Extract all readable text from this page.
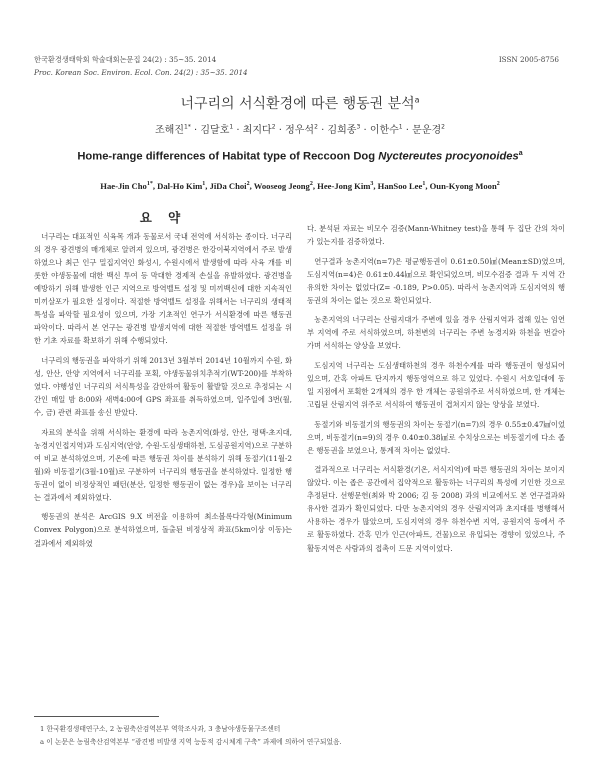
한국환경생태학회 학술대회논문집 24(2) : 35~35. 2014
Proc. Korean Soc. Environ. Ecol. Con. 24(2) : 35~35. 2014
ISSN 2005-8756
너구리의 서식환경에 따른 행동권 분석$^a$
조해진$^{1*}$ · 김달호$^1$ · 최지다$^2$ · 정우석$^2$ · 김희종$^3$ · 이한수$^1$ · 문운경$^2$
Home-range differences of Habitat type of Reccoon Dog Nyctereutes procyonoides$^a$
Hae-Jin Cho$^{1*}$, Dal-Ho Kim$^1$, JiDa Choi$^2$, Wooseog Jeong$^2$, Hee-Jong Kim$^3$, HanSoo Lee$^1$, Oun-Kyong Moon$^2$
요 약

너구리는 대표적인 식육목 개과 동물로서 국내 전역에 서식하는 종이다. 너구리의 경우 광견병의 매개체로 알려져 있으며, 광견병은 한강이북지역에서 주로 발생하였으나 최근 인구 밀집지역인 화성시, 수원시에서 발생함에 따라 사육 개를 비롯한 야생동물에 대한 백신 투여 등 막대한 경제적 손실을 유발하였다. 광견병을 예방하기 위해 발생한 인근 지역으로 방역벨트 설정 및 미끼백신에 대한 지속적인 미끼살포가 필요한 실정이다. 적절한 방역벨트 설정을 위해서는 너구리의 생태적 특성을 파악할 필요성이 있으며, 가장 기초적인 연구가 서식환경에 따른 행동권 파악이다. 따라서 본 연구는 광견병 발생지역에 대한 적절한 방역벨트 설정을 위한 기초 자료를 확보하기 위해 수행되었다.

너구리의 행동권을 파악하기 위해 2013년 3월부터 2014년 10월까지 수원, 화성, 안산, 안양 지역에서 너구리를 포획, 야생동물위치추적기(WT-200)를 부착하였다. 야행성인 너구리의 서식특성을 감안하여 활동이 활발할 것으로 추정되는 시간인 매일 밤 8:00와 새벽4:00에 GPS 좌표를 취득하였으며, 일주일에 3번(월, 수, 금) 관련 좌표를 송신 받았다.

자료의 분석을 위해 서식하는 환경에 따라 농촌지역(화성, 안산, 평택-초지대, 농경지인접지역)과 도심지역(안양, 수원-도심생태하천, 도심공원지역)으로 구분하여 비교 분석하였으며, 기온에 따른 행동권 차이를 분석하기 위해 동절기(11월-2월)와 비동절기(3월-10월)로 구분하여 너구리의 행동권을 분석하였다. 일정한 행동권이 없이 비정상적인 패턴(분산, 일정한 행동권이 없는 경우)을 보이는 너구리는 결과에서 제외하였다.

행동권의 분석은 ArcGIS 9.X 버전을 이용하여 최소볼록다각형(Minimum Convex Polygon)으로 분석하였으며, 돌출된 비정상적 좌표(5km이상 이동)는 결과에서 제외하였

다. 분석된 자료는 비모수 검증(Mann-Whitney test)을 통해 두 집단 간의 차이가 있는지를 검증하였다.

연구결과 농촌지역(n=7)은 평균행동권이 0.61±0.50㎢(Mean±SD)였으며, 도심지역(n=4)은 0.61±0.44㎢으로 확인되었으며, 비모수검증 결과 두 지역 간 유의한 차이는 없었다(Z= -0.189, P>0.05). 따라서 농촌지역과 도심지역의 행동권의 차이는 없는 것으로 확인되었다.

농촌지역의 너구리는 산림지대가 주변에 있을 경우 산림지역과 접해 있는 임연부 지역에 주로 서식하였으며, 하천변의 너구리는 주변 농경지와 하천을 번갈아 가며 서식하는 양상을 보였다.

도심지역 너구리는 도심생태하천의 경우 하천수계를 따라 행동권이 형성되어 있으며, 간혹 아파트 단지까지 행동영역으로 하고 있었다. 수원시 서호일대에 동일 지점에서 포획한 2개체의 경우 한 개체는 공원위주로 서식하였으며, 한 개체는 고립된 산림지역 위주로 서식하여 행동권이 겹쳐지지 않는 양상을 보였다.

동절기와 비동절기의 행동권의 차이는 동절기(n=7)의 경우 0.55±0.47㎢이었으며, 비동절기(n=9)의 경우 0.40±0.38㎢로 수치상으로는 비동절기에 다소 좁은 행동권을 보였으나, 통계적 차이는 없었다.

결과적으로 너구리는 서식환경(기온, 서식지역)에 따른 행동권의 차이는 보이지 않았다. 이는 좁은 공간에서 집약적으로 활동하는 너구리의 특성에 기인한 것으로 추정된다. 선행문헌(최와 박 2006; 김 등 2008) 과의 비교에서도 본 연구결과와 유사한 결과가 확인되었다. 다만 농촌지역의 경우 산림지역과 초지대를 병행해서 사용하는 경우가 많았으며, 도심지역의 경우 하천수변 지역, 공원지역 등에서 주로 활동하였다. 간혹 민가 인근(아파트, 건물)으로 유입되는 경향이 있었으나, 주 활동지역은 사람과의 접촉이 드문 지역이었다.

1 한국환경생태연구소, 2 농림축산검역본부 역학조사과, 3 충남야생동물구조센터
a 이 논문은 농림축산검역본부 “광견병 비발생 지역 능동적 감시체계 구축” 과제에 의하여 연구되었음.
